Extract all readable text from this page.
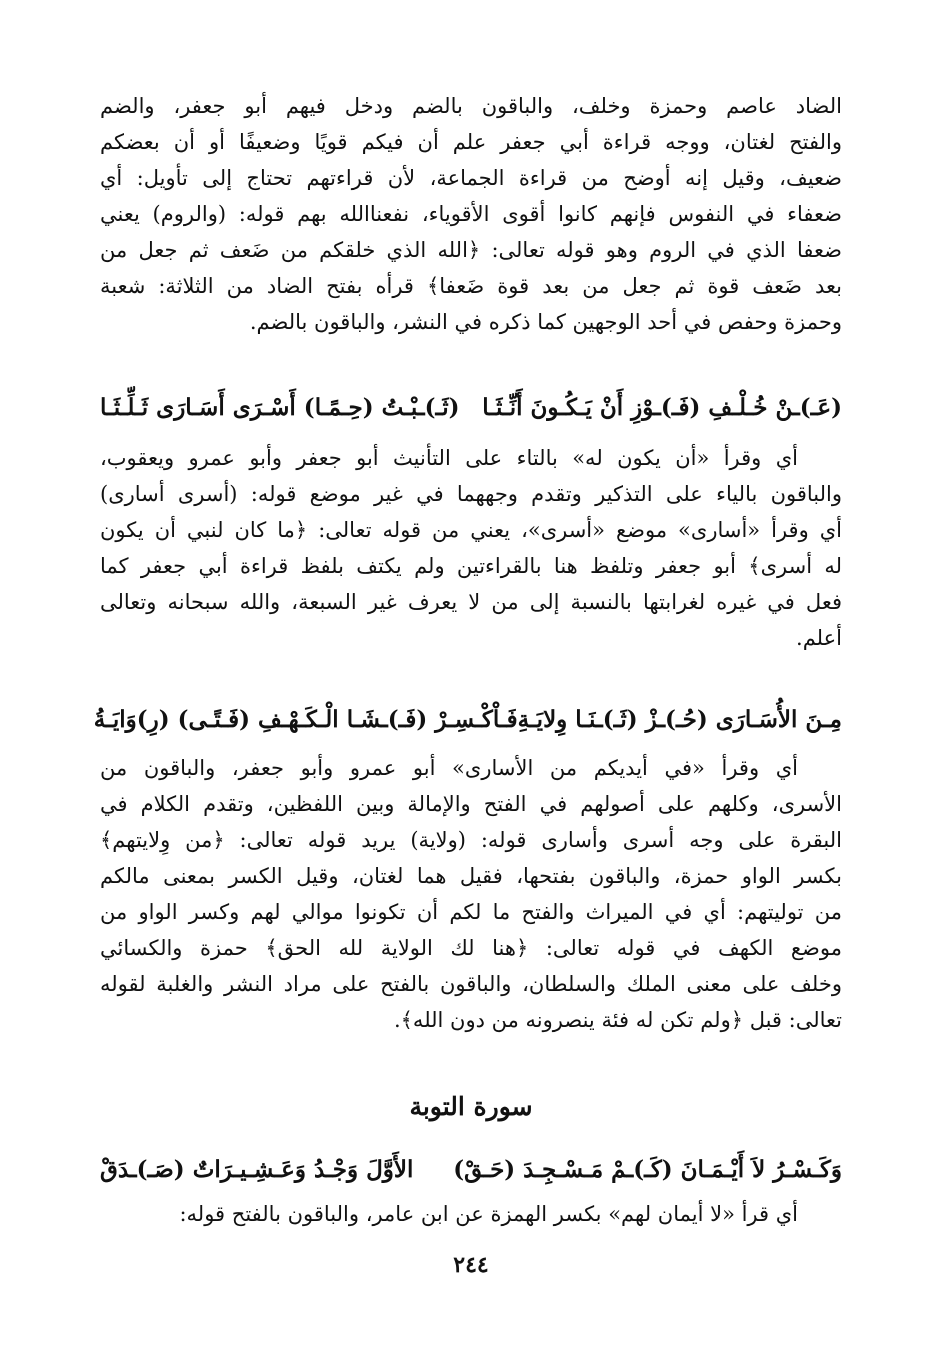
الضاد عاصم وحمزة وخلف، والباقون بالضم ودخل فيهم أبو جعفر، والضم
والفتح لغتان، ووجه قراءة أبي جعفر علم أن فيكم قويًا وضعيفًا أو أن بعضكم
ضعيف، وقيل إنه أوضح من قراءة الجماعة، لأن قراءتهم تحتاج إلى تأويل: أي
ضعفاء في النفوس فإنهم كانوا أقوى الأقوياء، نفعناالله بهم قوله: (والروم) يعني
ضعفا الذي في الروم وهو قوله تعالى: ﴿الله الذي خلقكم من ضَعف ثم جعل من
بعد ضَعف قوة ثم جعل من بعد قوة ضَعفا﴾ قرأه بفتح الضاد من الثلاثة: شعبة
وحمزة وحفص في أحد الوجهين كما ذكره في النشر، والباقون بالضم.
(عَـ)ـنْ خُـلْـفِ (فَـ)ـوْزِ أَنْ يَـكُـونَ أَنِّـثَـا
(ثَـ)ـبْـتُ (حِـمًـا) أَسْـرَى أَسَـارَى ثَـلِّـثَـا
أي وقرأ «أن يكون له» بالتاء على التأنيث أبو جعفر وأبو عمرو ويعقوب،
والباقون بالياء على التذكير وتقدم وجههما في غير موضع قوله: (أسرى أسارى)
أي وقرأ «أسارى» موضع «أسرى»، يعني من قوله تعالى: ﴿ما كان لنبي أن يكون
له أسرى﴾ أبو جعفر وتلفظ هنا بالقراءتين ولم يكتف بلفظ قراءة أبي جعفر كما
فعل في غيره لغرابتها بالنسبة إلى من لا يعرف غير السبعة، والله سبحانه وتعالى
أعلم.
مِـنَ الأُسَـارَى (حُـ)ـزْ (ثَـ)ـنَـا وِلايَـةِ
فَـاْكْـسِـرْ (فَـ)ـشَـا الْـكَـهْـفِ (فَـتًـى) (رِ)وَايَـةُ
أي وقرأ «في أيديكم من الأسارى» أبو عمرو وأبو جعفر، والباقون من
الأسرى، وكلهم على أصولهم في الفتح والإمالة وبين اللفظين، وتقدم الكلام في
البقرة على وجه أسرى وأسارى قوله: (ولاية) يريد قوله تعالى: ﴿من وِلايتهم﴾
بكسر الواو حمزة، والباقون بفتحها، فقيل هما لغتان، وقيل الكسر بمعنى مالكم
من توليتهم: أي في الميراث والفتح ما لكم أن تكونوا موالي لهم وكسر الواو من
موضع الكهف في قوله تعالى: ﴿هنا لك الولاية لله الحق﴾ حمزة والكسائي
وخلف على معنى الملك والسلطان، والباقون بالفتح على مراد النشر والغلبة لقوله
تعالى: قبل ﴿ولم تكن له فئة ينصرونه من دون الله﴾.
سورة التوبة
وَكَـسْـرُ لاَ أَيْـمَـانَ (كَـ)ـمْ مَـسْـجِـدَ (حَـقْ)
الأَوَّلَ وَجْـدُ وَعَـشِـيـرَاتٌ (صَـ)ـدَقْ
أي قرأ «لا أيمان لهم» بكسر الهمزة عن ابن عامر، والباقون بالفتح قوله:
٢٤٤
